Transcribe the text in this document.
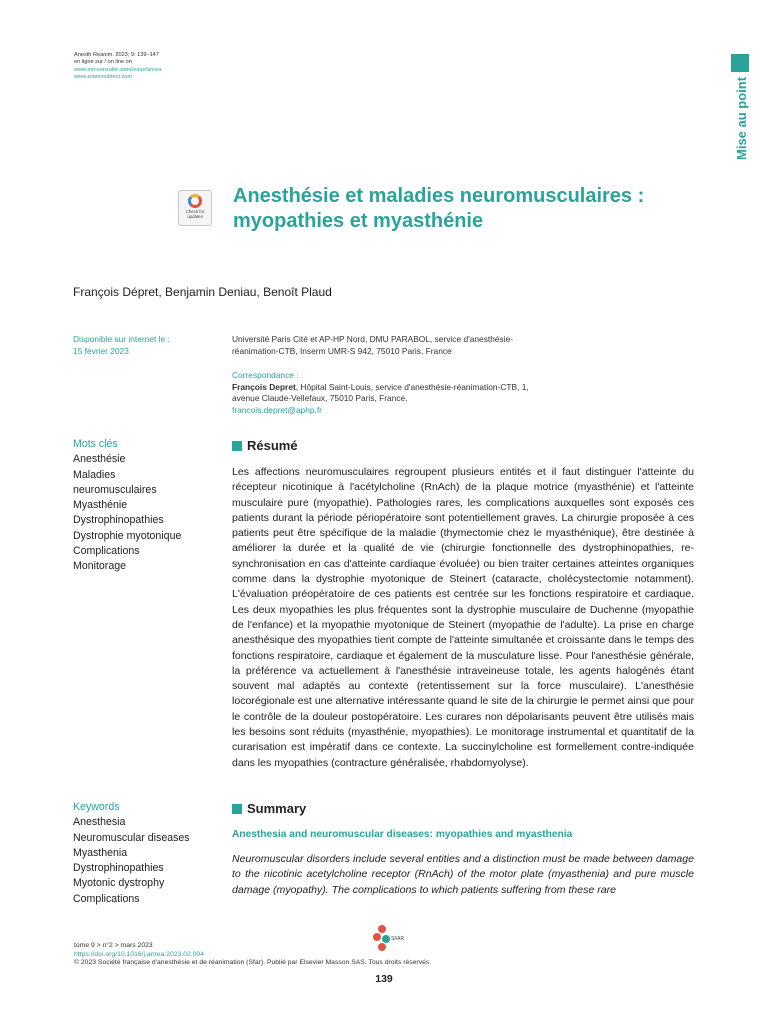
Anesth Reanim. 2023; 9: 139–147
en ligne sur / on line on
www.em-consulte.com/revue/anrea
www.sciencedirect.com	Mise au point
Check for
updates
Anesthésie et maladies neuromusculaires :
myopathies et myasthénie
François Dépret, Benjamin Deniau, Benoît Plaud
Disponible sur internet le :
15 février 2023
Université Paris Cité et AP-HP Nord, DMU PARABOL, service d'anesthésie-
réanimation-CTB, Inserm UMR-S 942, 75010 Paris, France
Correspondance :
François Depret, Hôpital Saint-Louis, service d'anesthésie-réanimation-CTB, 1,
avenue Claude-Vellefaux, 75010 Paris, France.
francois.depret@aphp.fr
Mots clés
Anesthésie
Maladies
neuromusculaires
Myasthénie
Dystrophinopathies
Dystrophie myotonique
Complications
Monitorage
Résumé

Les affections neuromusculaires regroupent plusieurs entités et il faut distinguer l'atteinte du récepteur nicotinique à l'acétylcholine (RnAch) de la plaque motrice (myasthénie) et l'atteinte musculaire pure (myopathie). Pathologies rares, les complications auxquelles sont exposés ces patients durant la période périopératoire sont potentiellement graves. La chirurgie proposée à ces patients peut être spécifique de la maladie (thymectomie chez le myasthénique), être destinée à améliorer la durée et la qualité de vie (chirurgie fonctionnelle des dystrophinopathies, re-synchronisation en cas d'atteinte cardiaque évoluée) ou bien traiter certaines atteintes organiques comme dans la dystrophie myotonique de Steinert (cataracte, cholécystectomie notamment). L'évaluation préopératoire de ces patients est centrée sur les fonctions respiratoire et cardiaque. Les deux myopathies les plus fréquentes sont la dystrophie musculaire de Duchenne (myopathie de l'enfance) et la myopathie myotonique de Steinert (myopathie de l'adulte). La prise en charge anesthésique des myopathies tient compte de l'atteinte simultanée et croissante dans le temps des fonctions respiratoire, cardiaque et également de la musculature lisse. Pour l'anesthésie générale, la préférence va actuellement à l'anesthésie intraveineuse totale, les agents halogénés étant souvent mal adaptés au contexte (retentissement sur la force musculaire). L'anesthésie locorégionale est une alternative intéressante quand le site de la chirurgie le permet ainsi que pour le contrôle de la douleur postopératoire. Les curares non dépolarisants peuvent être utilisés mais les besoins sont réduits (myasthénie, myopathies). Le monitorage instrumental et quantitatif de la curarisation est impératif dans ce contexte. La succinylcholine est formellement contre-indiquée dans les myopathies (contracture généralisée, rhabdomyolyse).

Keywords
Anesthesia
Neuromuscular diseases
Myasthenia
Dystrophinopathies
Myotonic dystrophy
Complications
Summary
Anesthesia and neuromuscular diseases: myopathies and myasthenia

Neuromuscular disorders include several entities and a distinction must be made between damage to the nicotinic acetylcholine receptor (RnAch) of the motor plate (myasthenia) and pure muscle damage (myopathy). The complications to which patients suffering from these rare

SFAR
tome 9 > n°2 > mars 2023
https://doi.org/10.1016/j.anrea.2023.02.004
© 2023 Société française d'anesthésie et de réanimation (Sfar). Publié par Elsevier Masson SAS. Tous droits réservés.
139
